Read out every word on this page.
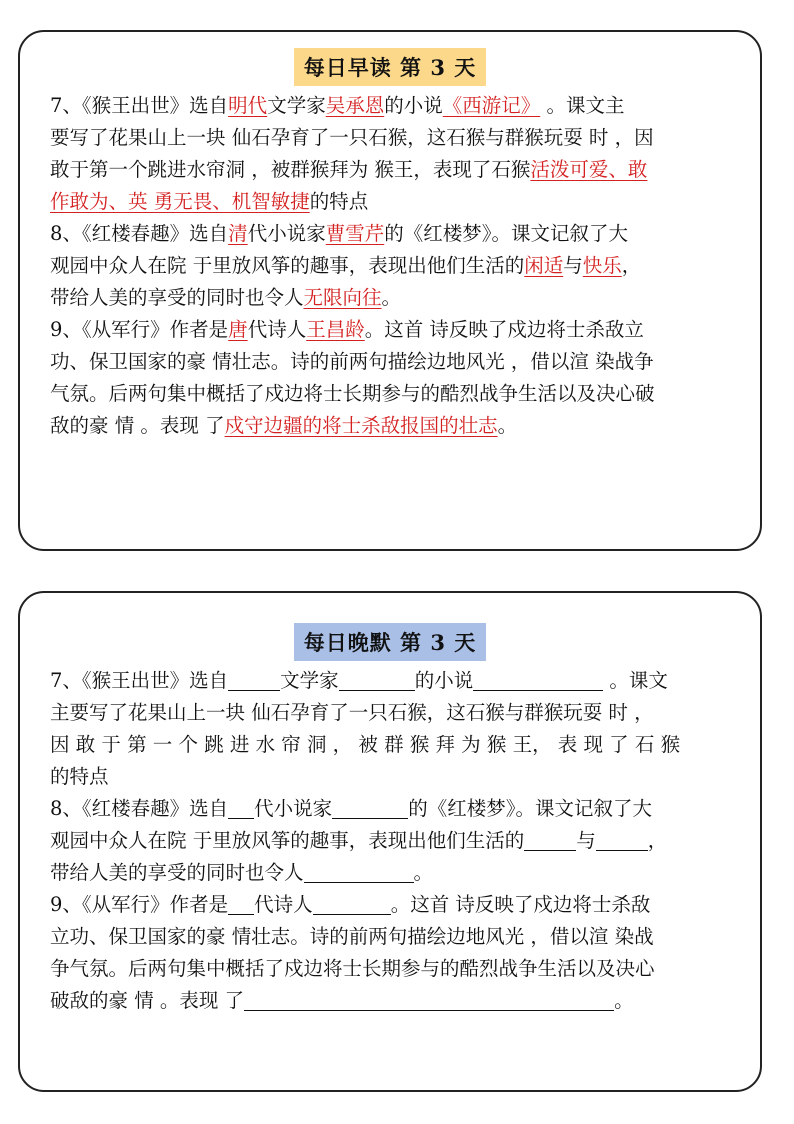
每日早读 第 3 天
7、《猴王出世》选自明代文学家吴承恩的小说《西游记》 。课文主
要写了花果山上一块 仙石孕育了一只石猴，这石猴与群猴玩耍 时 ，因
敢于第一个跳进水帘洞 ，被群猴拜为 猴王，表现了石猴活泼可爱、敢
作敢为、英 勇无畏、机智敏捷的特点
8、《红楼春趣》选自清代小说家曹雪芹的《红楼梦》。课文记叙了大
观园中众人在院 于里放风筝的趣事，表现出他们生活的闲适与快乐，
带给人美的享受的同时也令人无限向往。
9、《从军行》作者是唐代诗人王昌龄。这首 诗反映了戍边将士杀敌立
功、保卫国家的豪 情壮志。诗的前两句描绘边地风光 ，借以渲 染战争
气氛。后两句集中概括了戍边将士长期参与的酷烈战争生活以及决心破
敌的豪 情 。表现 了戍守边疆的将士杀敌报国的壮志。
每日晚默 第 3 天
7、《猴王出世》选自	文学家	的小说	。课文
主要写了花果山上一块 仙石孕育了一只石猴，这石猴与群猴玩耍 时 ，
因 敢 于 第 一 个 跳 进 水 帘 洞 ， 被 群 猴 拜 为 猴 王， 表 现 了 石 猴
的特点
8、《红楼春趣》选自 代小说家	的《红楼梦》。课文记叙了大
观园中众人在院 于里放风筝的趣事，表现出他们生活的	与	，
带给人美的享受的同时也令人	。
9、《从军行》作者是 代诗人	。这首 诗反映了戍边将士杀敌
立功、保卫国家的豪 情壮志。诗的前两句描绘边地风光 ，借以渲 染战
争气氛。后两句集中概括了戍边将士长期参与的酷烈战争生活以及决心
破敌的豪 情 。表现 了	。
